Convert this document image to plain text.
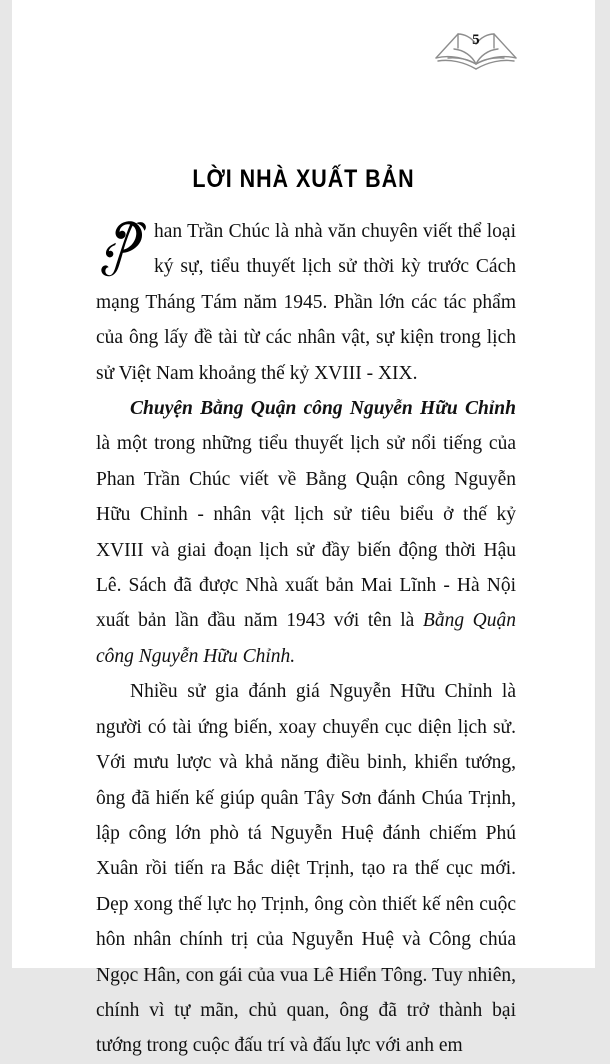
5
LỜI NHÀ XUẤT BẢN

han Trần Chúc là nhà văn chuyên viết thể loại ký sự, tiểu thuyết lịch sử thời kỳ trước Cách mạng Tháng Tám năm 1945. Phần lớn các tác phẩm của ông lấy đề tài từ các nhân vật, sự kiện trong lịch sử Việt Nam khoảng thế kỷ XVIII - XIX.

Chuyện Bằng Quận công Nguyễn Hữu Chỉnh là một trong những tiểu thuyết lịch sử nổi tiếng của Phan Trần Chúc viết về Bằng Quận công Nguyễn Hữu Chỉnh - nhân vật lịch sử tiêu biểu ở thế kỷ XVIII và giai đoạn lịch sử đầy biến động thời Hậu Lê. Sách đã được Nhà xuất bản Mai Lĩnh - Hà Nội xuất bản lần đầu năm 1943 với tên là Bằng Quận công Nguyễn Hữu Chỉnh.

Nhiều sử gia đánh giá Nguyễn Hữu Chỉnh là người có tài ứng biến, xoay chuyển cục diện lịch sử. Với mưu lược và khả năng điều binh, khiển tướng, ông đã hiến kế giúp quân Tây Sơn đánh Chúa Trịnh, lập công lớn phò tá Nguyễn Huệ đánh chiếm Phú Xuân rồi tiến ra Bắc diệt Trịnh, tạo ra thế cục mới. Dẹp xong thế lực họ Trịnh, ông còn thiết kế nên cuộc hôn nhân chính trị của Nguyễn Huệ và Công chúa Ngọc Hân, con gái của vua Lê Hiển Tông. Tuy nhiên, chính vì tự mãn, chủ quan, ông đã trở thành bại tướng trong cuộc đấu trí và đấu lực với anh em
